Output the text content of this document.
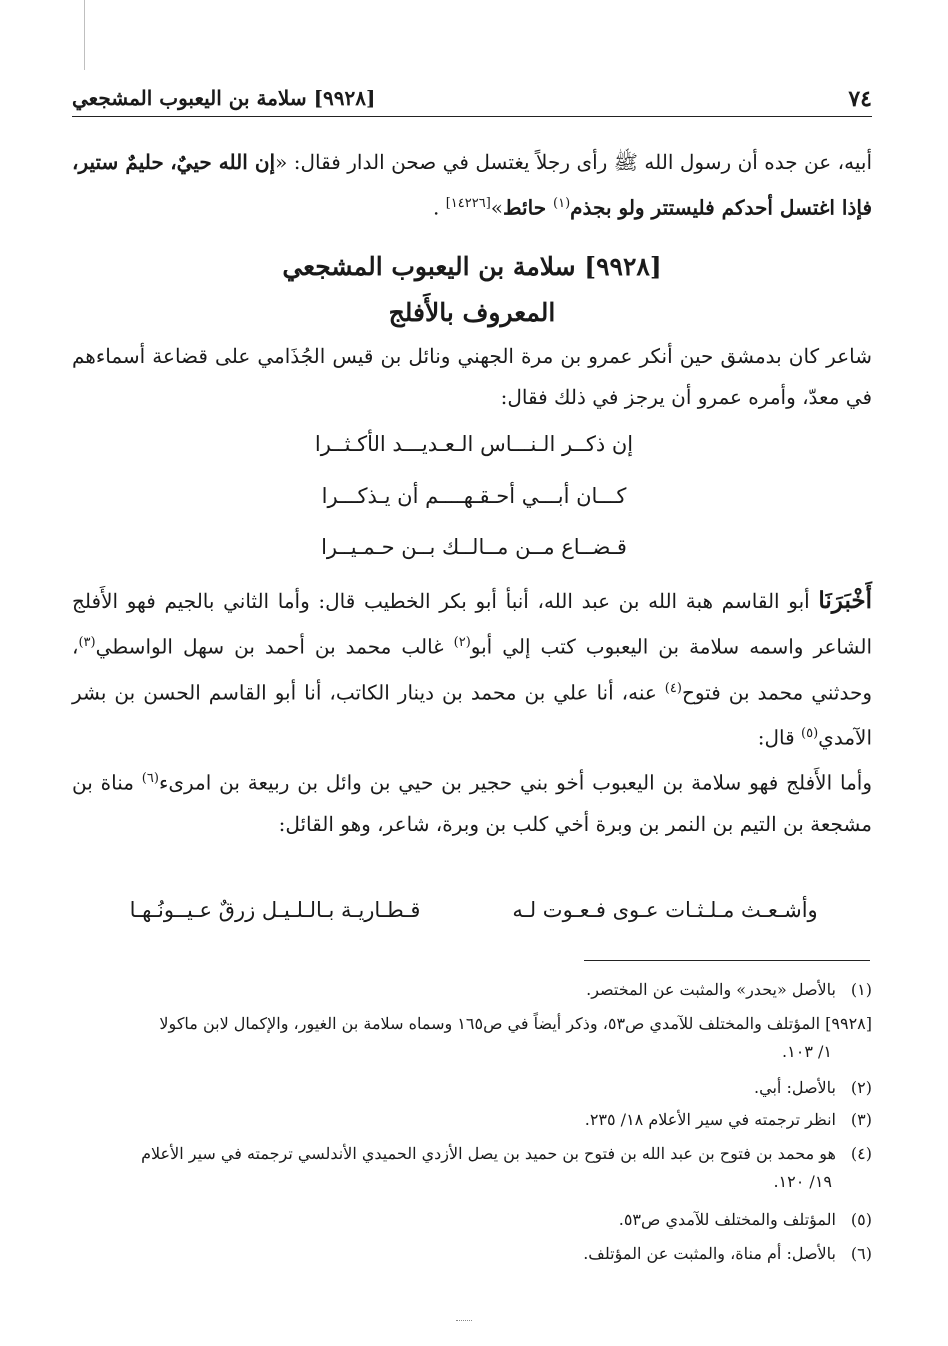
٧٤
[٩٩٢٨] سلامة بن اليعبوب المشجعي
أبيه، عن جده أن رسول الله ﷺ رأى رجلاً يغتسل في صحن الدار فقال: «إن الله حييٌ، حليمٌ ستير، فإذا اغتسل أحدكم فليستتر ولو بجذم$^{(١)}$ حائط»[١٤٢٢٦] .
[٩٩٢٨] سلامة بن اليعبوب المشجعي
المعروف بالأَفلج
شاعر كان بدمشق حين أنكر عمرو بن مرة الجهني ونائل بن قيس الجُذَامي على قضاعة أسماءهم في معدّ، وأمره عمرو أن يرجز في ذلك فقال:
إن ذكــر الـنـــاس الـعـديـــد الأكـثــرا
كـــان أبـــي أحـقـهــــم أن يـذكـــرا
قـضــاع مــن مــالــك بــن حـمـيــرا
أَخْبَرَنَا أبو القاسم هبة الله بن عبد الله، أنبأ أبو بكر الخطيب قال: وأما الثاني بالجيم فهو الأَفلج الشاعر واسمه سلامة بن اليعبوب كتب إلي أبو$^{(٢)}$ غالب محمد بن أحمد بن سهل الواسطي$^{(٣)}$، وحدثني محمد بن فتوح$^{(٤)}$ عنه، أنا علي بن محمد بن دينار الكاتب، أنا أبو القاسم الحسن بن بشر الآمدي$^{(٥)}$ قال:
وأما الأَفلج فهو سلامة بن اليعبوب أخو بني حجير بن حيي بن وائل بن ربيعة بن امرىء$^{(٦)}$ مناة بن مشجعة بن التيم بن النمر بن وبرة أخي كلب بن وبرة، شاعر، وهو القائل:
وأشـعـث مـلـثـات عـوى فـعـوت لـه
قـطـاريـة بـالـلـيـل زرقٌ عـيــونُـهـا
(١)بالأصل «يحدر» والمثبت عن المختصر.
[٩٩٢٨] المؤتلف والمختلف للآمدي ص٥٣، وذكر أيضاً في ص١٦٥ وسماه سلامة بن الغيور، والإكمال لابن ماكولا
١/ ١٠٣.
(٢)بالأصل: أبي.
(٣)انظر ترجمته في سير الأعلام ١٨/ ٢٣٥.
(٤)هو محمد بن فتوح بن عبد الله بن فتوح بن حميد بن يصل الأزدي الحميدي الأندلسي ترجمته في سير الأعلام
١٩/ ١٢٠.
(٥)المؤتلف والمختلف للآمدي ص٥٣.
(٦)بالأصل: أم مناة، والمثبت عن المؤتلف.
